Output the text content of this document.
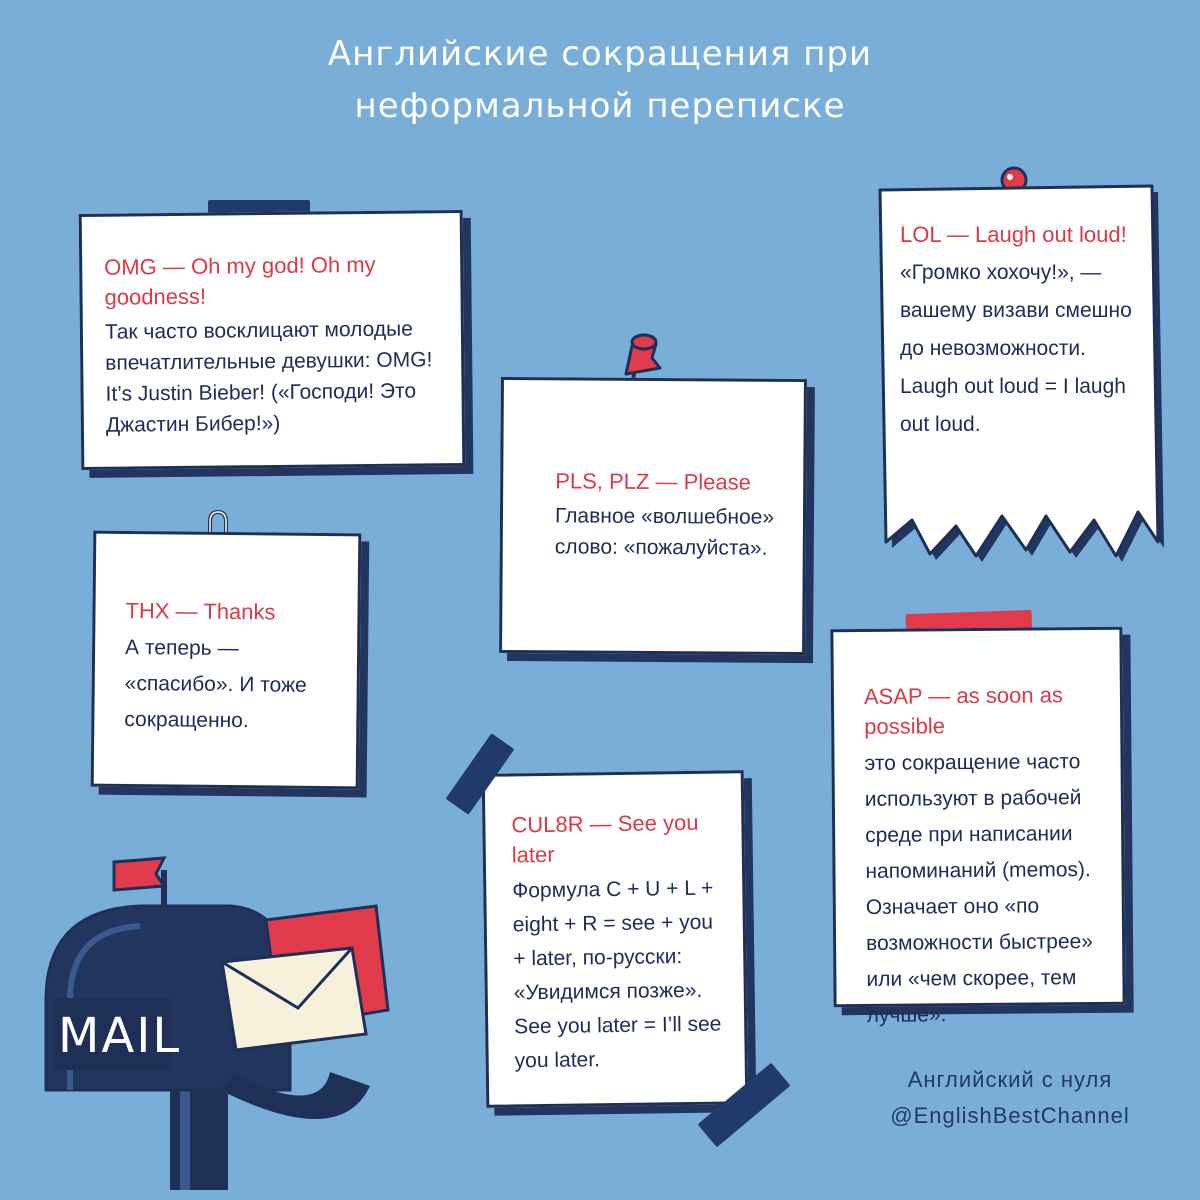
Английские сокращения при
неформальной переписке

OMG — Oh my god! Oh my goodness!

Так часто восклицают молодые впечатлительные девушки: OMG! It’s Justin Bieber! («Господи! Это Джастин Бибер!»)

PLS, PLZ — Please

Главное «волшебное» слово: «пожалуйста».

LOL — Laugh out loud!

«Громко хохочу!», — вашему визави смешно до невозможности. Laugh out loud = I laugh out loud.

THX — Thanks

А теперь — «спасибо». И тоже сокращенно.

ASAP — as soon as possible

это сокращение часто используют в рабочей среде при написании напоминаний (memos). Означает оно «по возможности быстрее» или «чем скорее, тем лучше».

CUL8R — See you later

Формула C + U + L + eight + R = see + you + later, по-русски: «Увидимся позже». See you later = I’ll see you later.

MAIL
Английский с нуля
@EnglishBestChannel
